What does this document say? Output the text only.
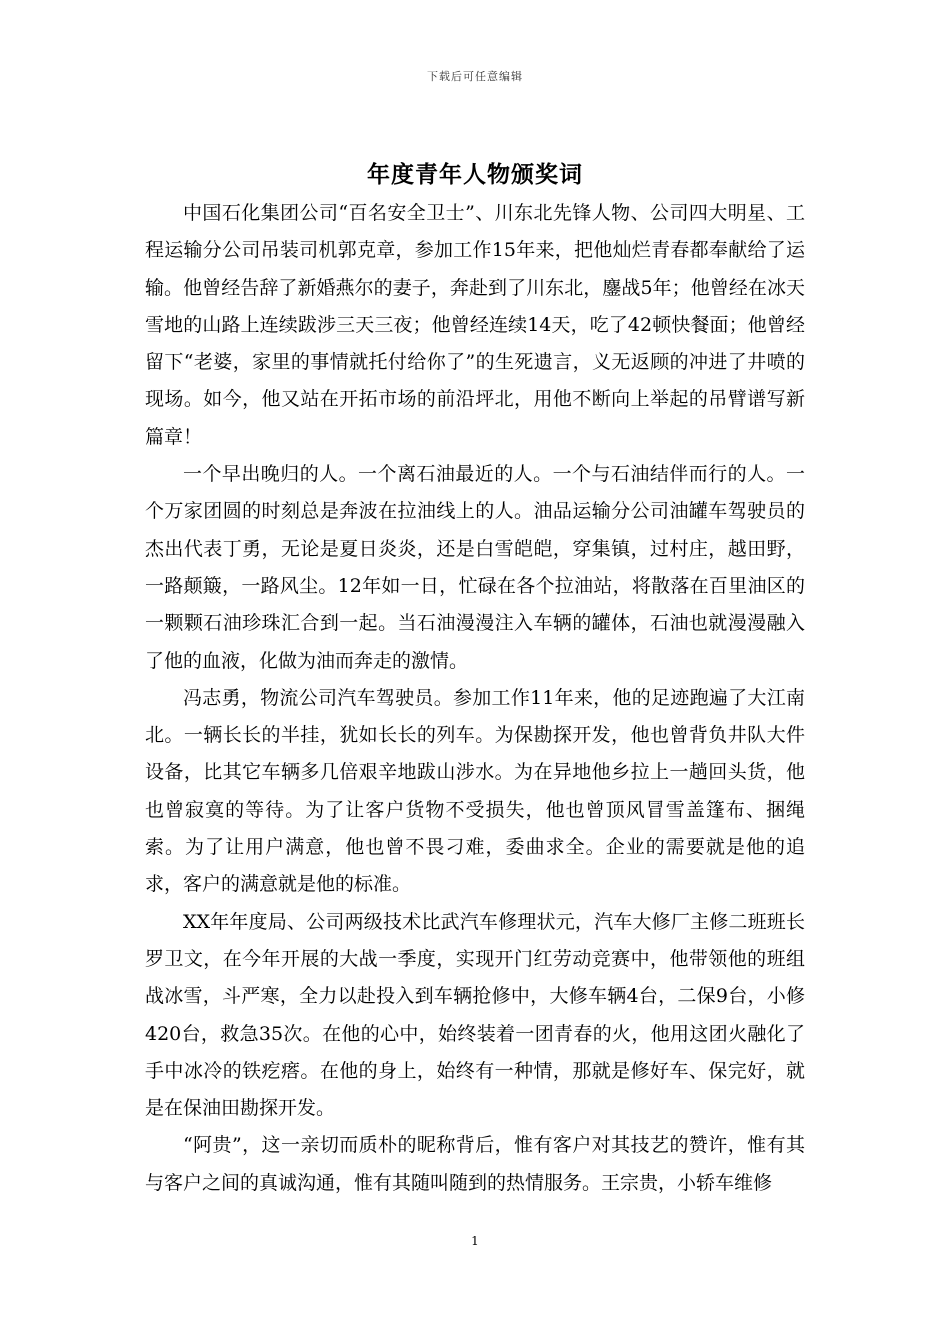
下载后可任意编辑
年度青年人物颁奖词

中国石化集团公司“百名安全卫士”、川东北先锋人物、公司四大明星、工程运输分公司吊装司机郭克章，参加工作15年来，把他灿烂青春都奉献给了运输。他曾经告辞了新婚燕尔的妻子，奔赴到了川东北，鏖战5年；他曾经在冰天雪地的山路上连续跋涉三天三夜；他曾经连续14天，吃了42顿快餐面；他曾经留下“老婆，家里的事情就托付给你了”的生死遗言，义无返顾的冲进了井喷的现场。如今，他又站在开拓市场的前沿坪北，用他不断向上举起的吊臂谱写新篇章！

一个早出晚归的人。一个离石油最近的人。一个与石油结伴而行的人。一个万家团圆的时刻总是奔波在拉油线上的人。油品运输分公司油罐车驾驶员的杰出代表丁勇，无论是夏日炎炎，还是白雪皑皑，穿集镇，过村庄，越田野，一路颠簸，一路风尘。12年如一日，忙碌在各个拉油站，将散落在百里油区的一颗颗石油珍珠汇合到一起。当石油漫漫注入车辆的罐体，石油也就漫漫融入了他的血液，化做为油而奔走的激情。

冯志勇，物流公司汽车驾驶员。参加工作11年来，他的足迹跑遍了大江南北。一辆长长的半挂，犹如长长的列车。为保勘探开发，他也曾背负井队大件设备，比其它车辆多几倍艰辛地跋山涉水。为在异地他乡拉上一趟回头货，他也曾寂寞的等待。为了让客户货物不受损失，他也曾顶风冒雪盖篷布、捆绳索。为了让用户满意，他也曾不畏刁难，委曲求全。企业的需要就是他的追求，客户的满意就是他的标准。

XX年年度局、公司两级技术比武汽车修理状元，汽车大修厂主修二班班长罗卫文，在今年开展的大战一季度，实现开门红劳动竞赛中，他带领他的班组战冰雪，斗严寒，全力以赴投入到车辆抢修中，大修车辆4台，二保9台，小修420台，救急35次。在他的心中，始终装着一团青春的火，他用这团火融化了手中冰冷的铁疙瘩。在他的身上，始终有一种情，那就是修好车、保完好，就是在保油田勘探开发。

“阿贵”，这一亲切而质朴的昵称背后，惟有客户对其技艺的赞许，惟有其与客户之间的真诚沟通，惟有其随叫随到的热情服务。王宗贵，小轿车维修

1
